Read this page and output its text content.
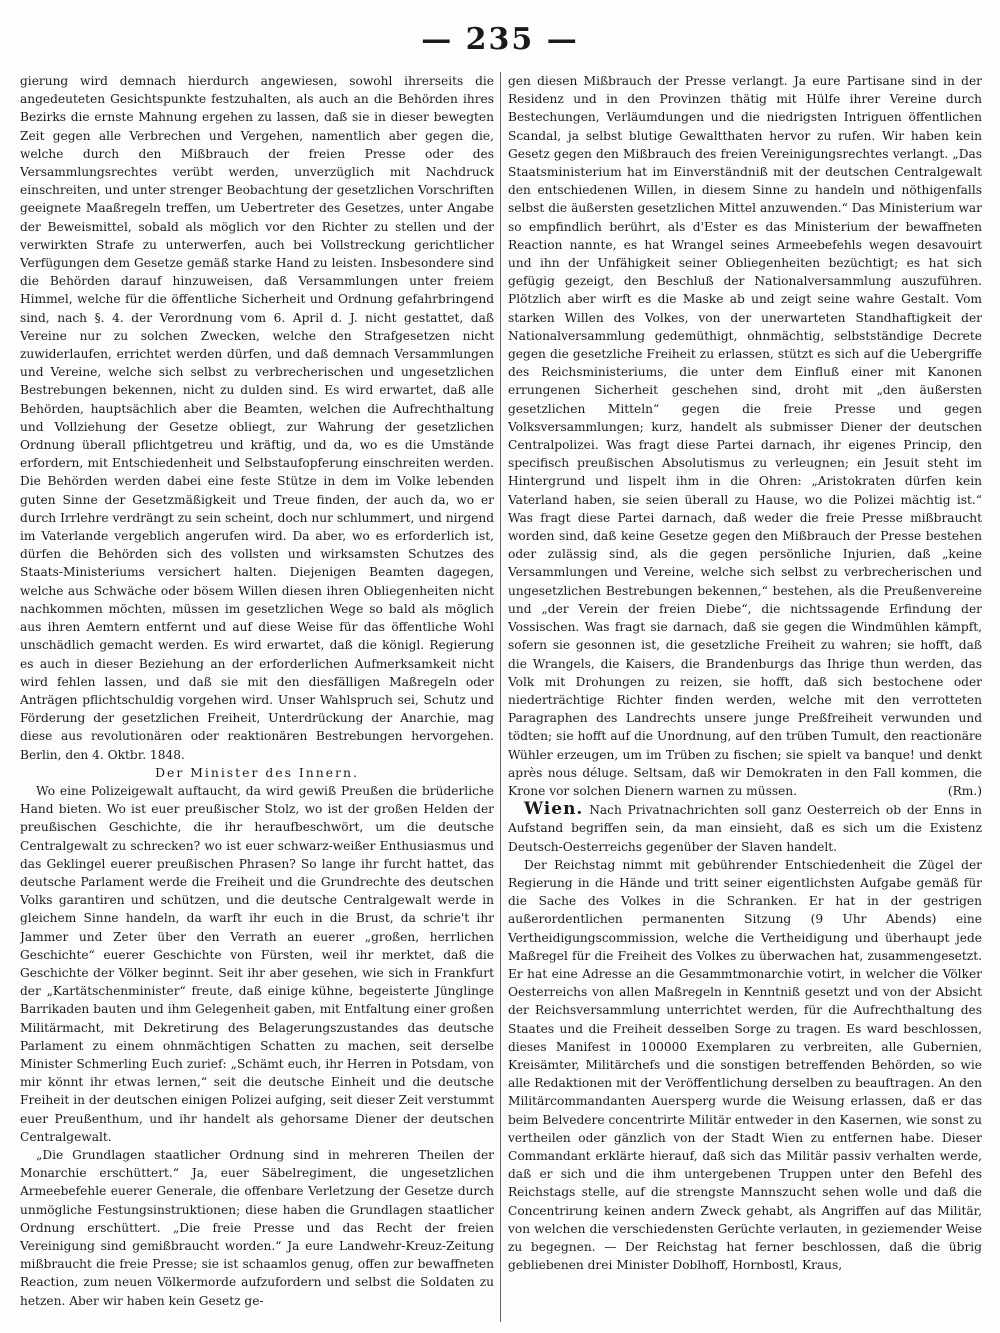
— 235 —

gierung wird demnach hierdurch angewiesen, sowohl ihrerseits die angedeuteten Gesichtspunkte festzuhalten, als auch an die Behörden ihres Bezirks die ernste Mahnung ergehen zu lassen, daß sie in dieser bewegten Zeit gegen alle Verbrechen und Vergehen, namentlich aber gegen die, welche durch den Mißbrauch der freien Presse oder des Versammlungsrechtes verübt werden, unverzüglich mit Nachdruck einschreiten, und unter strenger Beobachtung der gesetzlichen Vorschriften geeignete Maaßregeln treffen, um Uebertreter des Gesetzes, unter Angabe der Beweismittel, sobald als möglich vor den Richter zu stellen und der verwirkten Strafe zu unterwerfen, auch bei Vollstreckung gerichtlicher Verfügungen dem Gesetze gemäß starke Hand zu leisten. Insbesondere sind die Behörden darauf hinzuweisen, daß Versammlungen unter freiem Himmel, welche für die öffentliche Sicherheit und Ordnung gefahrbringend sind, nach §. 4. der Verordnung vom 6. April d. J. nicht gestattet, daß Vereine nur zu solchen Zwecken, welche den Strafgesetzen nicht zuwiderlaufen, errichtet werden dürfen, und daß demnach Versammlungen und Vereine, welche sich selbst zu verbrecherischen und ungesetzlichen Bestrebungen bekennen, nicht zu dulden sind. Es wird erwartet, daß alle Behörden, hauptsächlich aber die Beamten, welchen die Aufrechthaltung und Vollziehung der Gesetze obliegt, zur Wahrung der gesetzlichen Ordnung überall pflichtgetreu und kräftig, und da, wo es die Umstände erfordern, mit Entschiedenheit und Selbstaufopferung einschreiten werden. Die Behörden werden dabei eine feste Stütze in dem im Volke lebenden guten Sinne der Gesetzmäßigkeit und Treue finden, der auch da, wo er durch Irrlehre verdrängt zu sein scheint, doch nur schlummert, und nirgend im Vaterlande vergeblich angerufen wird. Da aber, wo es erforderlich ist, dürfen die Behörden sich des vollsten und wirksamsten Schutzes des Staats-Ministeriums versichert halten. Diejenigen Beamten dagegen, welche aus Schwäche oder bösem Willen diesen ihren Obliegenheiten nicht nachkommen möchten, müssen im gesetzlichen Wege so bald als möglich aus ihren Aemtern entfernt und auf diese Weise für das öffentliche Wohl unschädlich gemacht werden. Es wird erwartet, daß die königl. Regierung es auch in dieser Beziehung an der erforderlichen Aufmerksamkeit nicht wird fehlen lassen, und daß sie mit den diesfälligen Maßregeln oder Anträgen pflichtschuldig vorgehen wird. Unser Wahlspruch sei, Schutz und Förderung der gesetzlichen Freiheit, Unterdrückung der Anarchie, mag diese aus revolutionären oder reaktionären Bestrebungen hervorgehen. Berlin, den 4. Oktbr. 1848.

Der Minister des Innern.

Wo eine Polizeigewalt auftaucht, da wird gewiß Preußen die brüderliche Hand bieten. Wo ist euer preußischer Stolz, wo ist der großen Helden der preußischen Geschichte, die ihr heraufbeschwört, um die deutsche Centralgewalt zu schrecken? wo ist euer schwarz-weißer Enthusiasmus und das Geklingel euerer preußischen Phrasen? So lange ihr furcht hattet, das deutsche Parlament werde die Freiheit und die Grundrechte des deutschen Volks garantiren und schützen, und die deutsche Centralgewalt werde in gleichem Sinne handeln, da warft ihr euch in die Brust, da schrie't ihr Jammer und Zeter über den Verrath an euerer „großen, herrlichen Geschichte“ euerer Geschichte von Fürsten, weil ihr merktet, daß die Geschichte der Völker beginnt. Seit ihr aber gesehen, wie sich in Frankfurt der „Kartätschenminister“ freute, daß einige kühne, begeisterte Jünglinge Barrikaden bauten und ihm Gelegenheit gaben, mit Entfaltung einer großen Militärmacht, mit Dekretirung des Belagerungszustandes das deutsche Parlament zu einem ohnmächtigen Schatten zu machen, seit derselbe Minister Schmerling Euch zurief: „Schämt euch, ihr Herren in Potsdam, von mir könnt ihr etwas lernen,“ seit die deutsche Einheit und die deutsche Freiheit in der deutschen einigen Polizei aufging, seit dieser Zeit verstummt euer Preußenthum, und ihr handelt als gehorsame Diener der deutschen Centralgewalt.

„Die Grundlagen staatlicher Ordnung sind in mehreren Theilen der Monarchie erschüttert.“ Ja, euer Säbelregiment, die ungesetzlichen Armeebefehle euerer Generale, die offenbare Verletzung der Gesetze durch unmögliche Festungsinstruktionen; diese haben die Grundlagen staatlicher Ordnung erschüttert. „Die freie Presse und das Recht der freien Vereinigung sind gemißbraucht worden.“ Ja eure Landwehr-Kreuz-Zeitung mißbraucht die freie Presse; sie ist schaamlos genug, offen zur bewaffneten Reaction, zum neuen Völkermorde aufzufordern und selbst die Soldaten zu hetzen. Aber wir haben kein Gesetz ge-

gen diesen Mißbrauch der Presse verlangt. Ja eure Partisane sind in der Residenz und in den Provinzen thätig mit Hülfe ihrer Vereine durch Bestechungen, Verläumdungen und die niedrigsten Intriguen öffentlichen Scandal, ja selbst blutige Gewaltthaten hervor zu rufen. Wir haben kein Gesetz gegen den Mißbrauch des freien Vereinigungsrechtes verlangt. „Das Staatsministerium hat im Einverständniß mit der deutschen Centralgewalt den entschiedenen Willen, in diesem Sinne zu handeln und nöthigenfalls selbst die äußersten gesetzlichen Mittel anzuwenden.“ Das Ministerium war so empfindlich berührt, als d'Ester es das Ministerium der bewaffneten Reaction nannte, es hat Wrangel seines Armeebefehls wegen desavouirt und ihn der Unfähigkeit seiner Obliegenheiten bezüchtigt; es hat sich gefügig gezeigt, den Beschluß der Nationalversammlung auszuführen. Plötzlich aber wirft es die Maske ab und zeigt seine wahre Gestalt. Vom starken Willen des Volkes, von der unerwarteten Standhaftigkeit der Nationalversammlung gedemüthigt, ohnmächtig, selbstständige Decrete gegen die gesetzliche Freiheit zu erlassen, stützt es sich auf die Uebergriffe des Reichsministeriums, die unter dem Einfluß einer mit Kanonen errungenen Sicherheit geschehen sind, droht mit „den äußersten gesetzlichen Mitteln“ gegen die freie Presse und gegen Volksversammlungen; kurz, handelt als submisser Diener der deutschen Centralpolizei. Was fragt diese Partei darnach, ihr eigenes Princip, den specifisch preußischen Absolutismus zu verleugnen; ein Jesuit steht im Hintergrund und lispelt ihm in die Ohren: „Aristokraten dürfen kein Vaterland haben, sie seien überall zu Hause, wo die Polizei mächtig ist.“ Was fragt diese Partei darnach, daß weder die freie Presse mißbraucht worden sind, daß keine Gesetze gegen den Mißbrauch der Presse bestehen oder zulässig sind, als die gegen persönliche Injurien, daß „keine Versammlungen und Vereine, welche sich selbst zu verbrecherischen und ungesetzlichen Bestrebungen bekennen,“ bestehen, als die Preußenvereine und „der Verein der freien Diebe“, die nichtssagende Erfindung der Vossischen. Was fragt sie darnach, daß sie gegen die Windmühlen kämpft, sofern sie gesonnen ist, die gesetzliche Freiheit zu wahren; sie hofft, daß die Wrangels, die Kaisers, die Brandenburgs das Ihrige thun werden, das Volk mit Drohungen zu reizen, sie hofft, daß sich bestochene oder niederträchtige Richter finden werden, welche mit den verrotteten Paragraphen des Landrechts unsere junge Preßfreiheit verwunden und tödten; sie hofft auf die Unordnung, auf den trüben Tumult, den reactionäre Wühler erzeugen, um im Trüben zu fischen; sie spielt va banque! und denkt après nous déluge. Seltsam, daß wir Demokraten in den Fall kommen, die Krone vor solchen Dienern warnen zu müssen.	(Rm.)

Wien. Nach Privatnachrichten soll ganz Oesterreich ob der Enns in Aufstand begriffen sein, da man einsieht, daß es sich um die Existenz Deutsch-Oesterreichs gegenüber der Slaven handelt.

Der Reichstag nimmt mit gebührender Entschiedenheit die Zügel der Regierung in die Hände und tritt seiner eigentlichsten Aufgabe gemäß für die Sache des Volkes in die Schranken. Er hat in der gestrigen außerordentlichen permanenten Sitzung (9 Uhr Abends) eine Vertheidigungscommission, welche die Vertheidigung und überhaupt jede Maßregel für die Freiheit des Volkes zu überwachen hat, zusammengesetzt. Er hat eine Adresse an die Gesammtmonarchie votirt, in welcher die Völker Oesterreichs von allen Maßregeln in Kenntniß gesetzt und von der Absicht der Reichsversammlung unterrichtet werden, für die Aufrechthaltung des Staates und die Freiheit desselben Sorge zu tragen. Es ward beschlossen, dieses Manifest in 100000 Exemplaren zu verbreiten, alle Gubernien, Kreisämter, Militärchefs und die sonstigen betreffenden Behörden, so wie alle Redaktionen mit der Veröffentlichung derselben zu beauftragen. An den Militärcommandanten Auersperg wurde die Weisung erlassen, daß er das beim Belvedere concentrirte Militär entweder in den Kasernen, wie sonst zu vertheilen oder gänzlich von der Stadt Wien zu entfernen habe. Dieser Commandant erklärte hierauf, daß sich das Militär passiv verhalten werde, daß er sich und die ihm untergebenen Truppen unter den Befehl des Reichstags stelle, auf die strengste Mannszucht sehen wolle und daß die Concentrirung keinen andern Zweck gehabt, als Angriffen auf das Militär, von welchen die verschiedensten Gerüchte verlauten, in geziemender Weise zu begegnen. — Der Reichstag hat ferner beschlossen, daß die übrig gebliebenen drei Minister Doblhoff, Hornbostl, Kraus,
